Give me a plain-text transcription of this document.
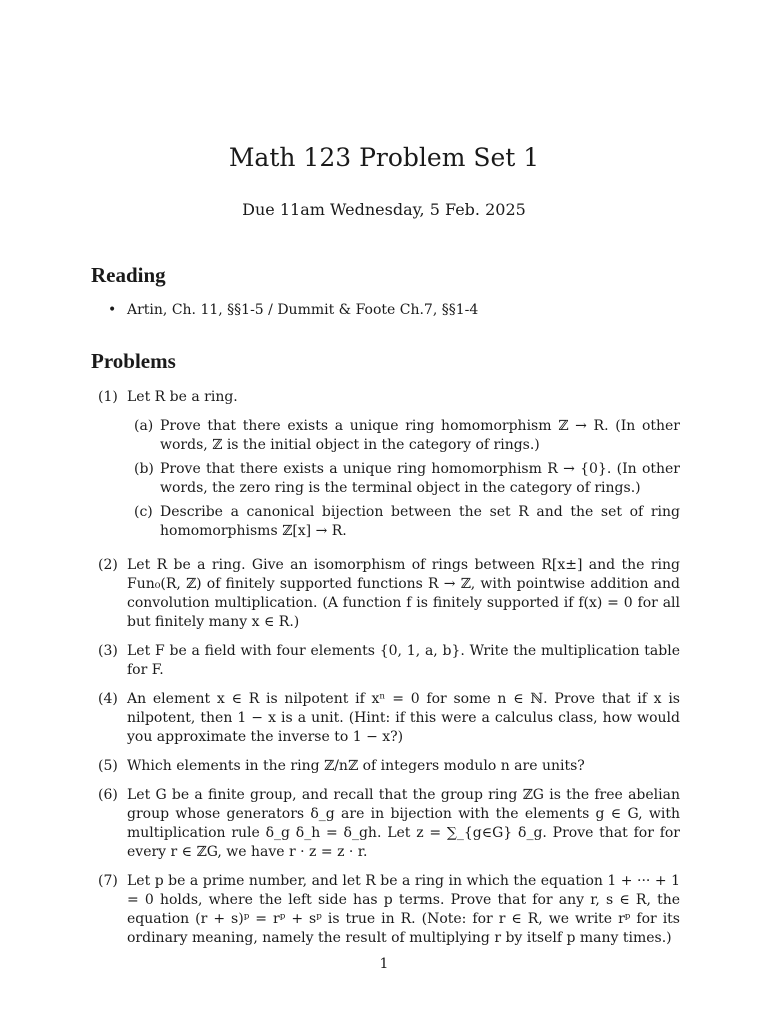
Math 123 Problem Set 1
Due 11am Wednesday, 5 Feb. 2025
Reading
• Artin, Ch. 11, §§1-5 / Dummit & Foote Ch.7, §§1-4
Problems
(1) Let R be a ring.
(a) Prove that there exists a unique ring homomorphism ℤ → R. (In other words, ℤ is the initial object in the category of rings.)
(b) Prove that there exists a unique ring homomorphism R → {0}. (In other words, the zero ring is the terminal object in the category of rings.)
(c) Describe a canonical bijection between the set R and the set of ring homomorphisms ℤ[x] → R.
(2) Let R be a ring. Give an isomorphism of rings between R[x±] and the ring Fun₀(R, ℤ) of finitely supported functions R → ℤ, with pointwise addition and convolution multiplication. (A function f is finitely supported if f(x) = 0 for all but finitely many x ∈ R.)
(3) Let F be a field with four elements {0, 1, a, b}. Write the multiplication table for F.
(4) An element x ∈ R is nilpotent if xⁿ = 0 for some n ∈ ℕ. Prove that if x is nilpotent, then 1 − x is a unit. (Hint: if this were a calculus class, how would you approximate the inverse to 1 − x?)
(5) Which elements in the ring ℤ/nℤ of integers modulo n are units?
(6) Let G be a finite group, and recall that the group ring ℤG is the free abelian group whose generators δ_g are in bijection with the elements g ∈ G, with multiplication rule δ_g δ_h = δ_gh. Let z = ∑_{g∈G} δ_g. Prove that for for every r ∈ ℤG, we have r · z = z · r.
(7) Let p be a prime number, and let R be a ring in which the equation 1 + ··· + 1 = 0 holds, where the left side has p terms. Prove that for any r, s ∈ R, the equation (r + s)ᵖ = rᵖ + sᵖ is true in R. (Note: for r ∈ R, we write rᵖ for its ordinary meaning, namely the result of multiplying r by itself p many times.)
1
